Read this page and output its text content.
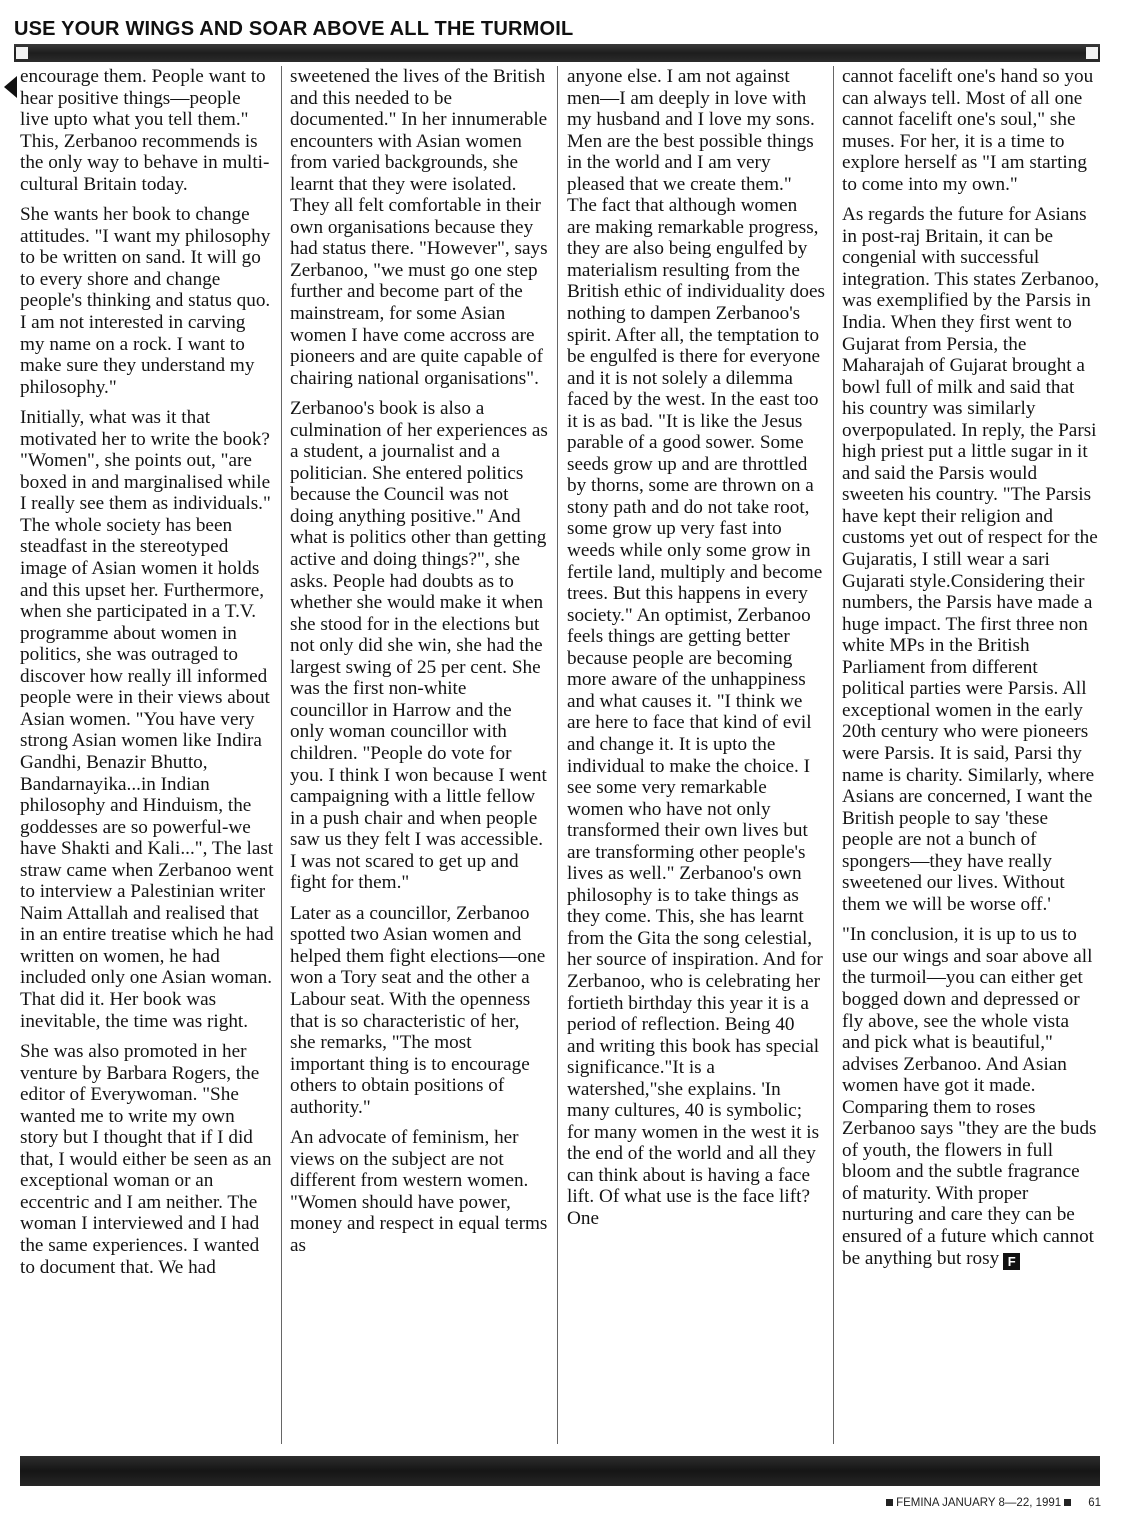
USE YOUR WINGS AND SOAR ABOVE ALL THE TURMOIL

encourage them. People want to hear positive things—people live upto what you tell them." This, Zerbanoo recommends is the only way to behave in multi-cultural Britain today.

She wants her book to change attitudes. "I want my philosophy to be written on sand. It will go to every shore and change people's thinking and status quo. I am not interested in carving my name on a rock. I want to make sure they understand my philosophy."

Initially, what was it that motivated her to write the book? "Women", she points out, "are boxed in and marginalised while I really see them as individuals." The whole society has been steadfast in the stereotyped image of Asian women it holds and this upset her. Furthermore, when she participated in a T.V. programme about women in politics, she was outraged to discover how really ill informed people were in their views about Asian women. "You have very strong Asian women like Indira Gandhi, Benazir Bhutto, Bandarnayika...in Indian philosophy and Hinduism, the goddesses are so powerful-we have Shakti and Kali...", The last straw came when Zerbanoo went to interview a Palestinian writer Naim Attallah and realised that in an entire treatise which he had written on women, he had included only one Asian woman. That did it. Her book was inevitable, the time was right.

She was also promoted in her venture by Barbara Rogers, the editor of Everywoman. "She wanted me to write my own story but I thought that if I did that, I would either be seen as an exceptional woman or an eccentric and I am neither. The woman I interviewed and I had the same experiences. I wanted to document that. We had

sweetened the lives of the British and this needed to be documented." In her innumerable encounters with Asian women from varied backgrounds, she learnt that they were isolated. They all felt comfortable in their own organisations because they had status there. "However", says Zerbanoo, "we must go one step further and become part of the mainstream, for some Asian women I have come accross are pioneers and are quite capable of chairing national organisations".

Zerbanoo's book is also a culmination of her experiences as a student, a journalist and a politician. She entered politics because the Council was not doing anything positive." And what is politics other than getting active and doing things?", she asks. People had doubts as to whether she would make it when she stood for in the elections but not only did she win, she had the largest swing of 25 per cent. She was the first non-white councillor in Harrow and the only woman councillor with children. "People do vote for you. I think I won because I went campaigning with a little fellow in a push chair and when people saw us they felt I was accessible. I was not scared to get up and fight for them."

Later as a councillor, Zerbanoo spotted two Asian women and helped them fight elections—one won a Tory seat and the other a Labour seat. With the openness that is so characteristic of her, she remarks, "The most important thing is to encourage others to obtain positions of authority."

An advocate of feminism, her views on the subject are not different from western women. "Women should have power, money and respect in equal terms as

anyone else. I am not against men—I am deeply in love with my husband and I love my sons. Men are the best possible things in the world and I am very pleased that we create them." The fact that although women are making remarkable progress, they are also being engulfed by materialism resulting from the British ethic of individuality does nothing to dampen Zerbanoo's spirit. After all, the temptation to be engulfed is there for everyone and it is not solely a dilemma faced by the west. In the east too it is as bad. "It is like the Jesus parable of a good sower. Some seeds grow up and are throttled by thorns, some are thrown on a stony path and do not take root, some grow up very fast into weeds while only some grow in fertile land, multiply and become trees. But this happens in every society." An optimist, Zerbanoo feels things are getting better because people are becoming more aware of the unhappiness and what causes it. "I think we are here to face that kind of evil and change it. It is upto the individual to make the choice. I see some very remarkable women who have not only transformed their own lives but are transforming other people's lives as well." Zerbanoo's own philosophy is to take things as they come. This, she has learnt from the Gita the song celestial, her source of inspiration. And for Zerbanoo, who is celebrating her fortieth birthday this year it is a period of reflection. Being 40 and writing this book has special significance."It is a watershed,"she explains. 'In many cultures, 40 is symbolic; for many women in the west it is the end of the world and all they can think about is having a face lift. Of what use is the face lift? One

cannot facelift one's hand so you can always tell. Most of all one cannot facelift one's soul," she muses. For her, it is a time to explore herself as "I am starting to come into my own."

As regards the future for Asians in post-raj Britain, it can be congenial with successful integration. This states Zerbanoo, was exemplified by the Parsis in India. When they first went to Gujarat from Persia, the Maharajah of Gujarat brought a bowl full of milk and said that his country was similarly overpopulated. In reply, the Parsi high priest put a little sugar in it and said the Parsis would sweeten his country. "The Parsis have kept their religion and customs yet out of respect for the Gujaratis, I still wear a sari Gujarati style.Considering their numbers, the Parsis have made a huge impact. The first three non white MPs in the British Parliament from different political parties were Parsis. All exceptional women in the early 20th century who were pioneers were Parsis. It is said, Parsi thy name is charity. Similarly, where Asians are concerned, I want the British people to say 'these people are not a bunch of spongers—they have really sweetened our lives. Without them we will be worse off.'

"In conclusion, it is up to us to use our wings and soar above all the turmoil—you can either get bogged down and depressed or fly above, see the whole vista and pick what is beautiful," advises Zerbanoo. And Asian women have got it made. Comparing them to roses Zerbanoo says "they are the buds of youth, the flowers in full bloom and the subtle fragrance of maturity. With proper nurturing and care they can be ensured of a future which cannot be anything but rosy F

FEMINA JANUARY 8—22, 1991 61
